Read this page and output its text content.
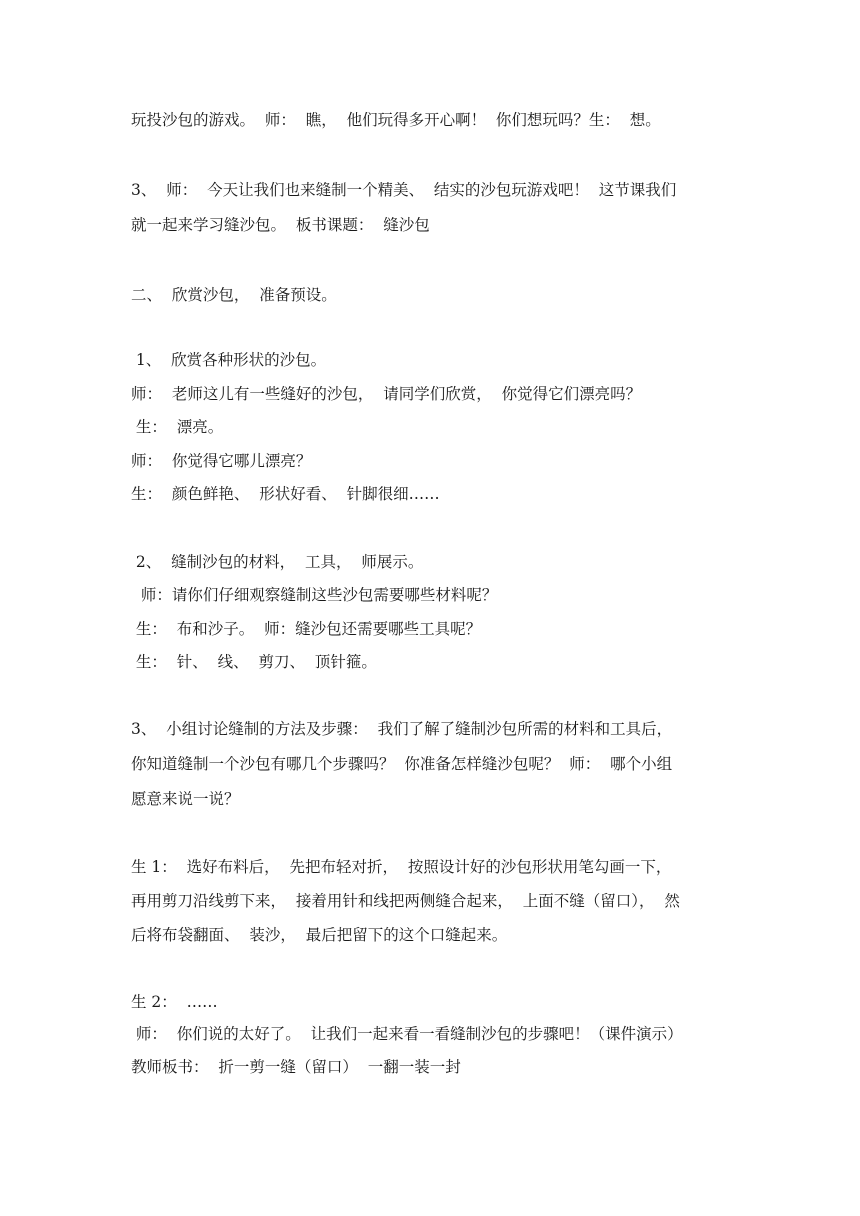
玩投沙包的游戏。  师：  瞧，  他们玩得多开心啊！  你们想玩吗？生：  想。
3、  师：  今天让我们也来缝制一个精美、  结实的沙包玩游戏吧！  这节课我们
就一起来学习缝沙包。  板书课题：  缝沙包
二、  欣赏沙包，  准备预设。
1、  欣赏各种形状的沙包。
师：  老师这儿有一些缝好的沙包，  请同学们欣赏，  你觉得它们漂亮吗？
生：  漂亮。
师：  你觉得它哪儿漂亮？
生：  颜色鲜艳、  形状好看、  针脚很细……
2、  缝制沙包的材料，  工具，  师展示。
师：请你们仔细观察缝制这些沙包需要哪些材料呢？
生：  布和沙子。  师：缝沙包还需要哪些工具呢？
生：  针、  线、  剪刀、  顶针箍。
3、  小组讨论缝制的方法及步骤：  我们了解了缝制沙包所需的材料和工具后，
你知道缝制一个沙包有哪几个步骤吗？  你准备怎样缝沙包呢？  师：  哪个小组
愿意来说一说？
生 1：  选好布料后，  先把布轻对折，  按照设计好的沙包形状用笔勾画一下，
再用剪刀沿线剪下来，  接着用针和线把两侧缝合起来，  上面不缝（留口），  然
后将布袋翻面、  装沙，  最后把留下的这个口缝起来。
生 2：  ……
师：  你们说的太好了。  让我们一起来看一看缝制沙包的步骤吧！（课件演示）
教师板书：  折一剪一缝（留口）  一翻一装一封
